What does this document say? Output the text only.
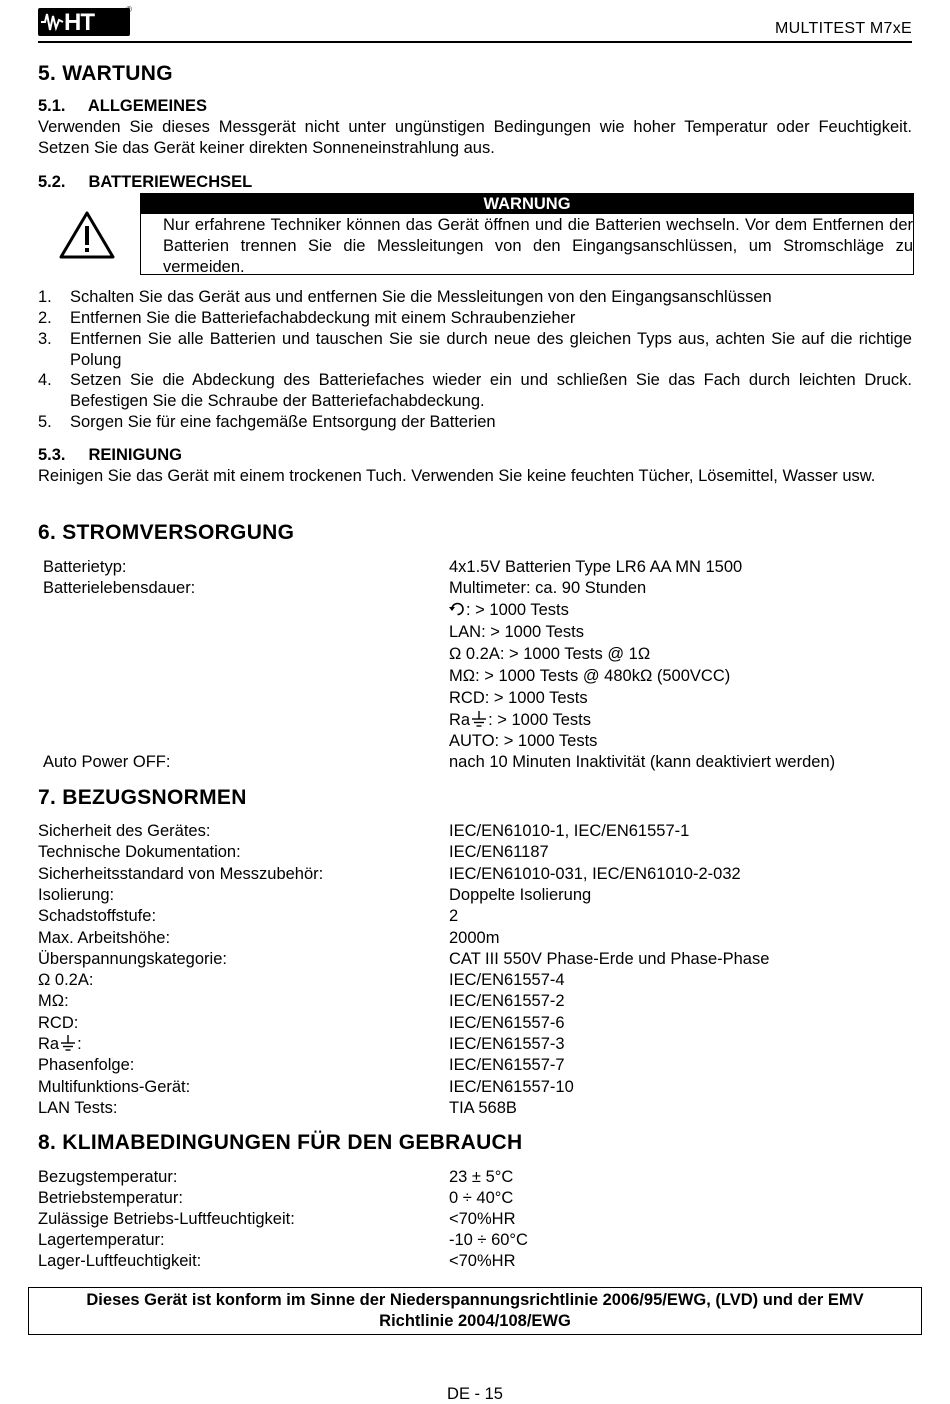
HT	®
MULTITEST M7xE
5. WARTUNG
5.1.     ALLGEMEINES
Verwenden Sie dieses Messgerät nicht unter ungünstigen Bedingungen wie hoher Temperatur oder Feuchtigkeit. Setzen Sie das Gerät keiner direkten Sonneneinstrahlung aus.
5.2.     BATTERIEWECHSEL
WARNUNG
Nur erfahrene Techniker können das Gerät öffnen und die Batterien wechseln. Vor dem Entfernen der Batterien trennen Sie die Messleitungen von den Eingangsanschlüssen, um Stromschläge zu vermeiden.
1. Schalten Sie das Gerät aus und entfernen Sie die Messleitungen von den Eingangsanschlüssen
2. Entfernen Sie die Batteriefachabdeckung mit einem Schraubenzieher
3. Entfernen Sie alle Batterien und tauschen Sie sie durch neue des gleichen Typs aus, achten Sie auf die richtige Polung
4. Setzen Sie die Abdeckung des Batteriefaches wieder ein und schließen Sie das Fach durch leichten Druck. Befestigen Sie die Schraube der Batteriefachabdeckung.
5. Sorgen Sie für eine fachgemäße Entsorgung der Batterien
5.3.     REINIGUNG
Reinigen Sie das Gerät mit einem trockenen Tuch. Verwenden Sie keine feuchten Tücher, Lösemittel, Wasser usw.
6. STROMVERSORGUNG
Batterietyp:	4x1.5V Batterien Type LR6 AA MN 1500
Batterielebensdauer:	Multimeter: ca. 90 Stunden
: > 1000 Tests
LAN: > 1000 Tests
Ω 0.2A: > 1000 Tests @ 1Ω
MΩ: > 1000 Tests @ 480kΩ (500VCC)
RCD: > 1000 Tests
Ra : > 1000 Tests
AUTO: > 1000 Tests
Auto Power OFF:	nach 10 Minuten Inaktivität (kann deaktiviert werden)
7. BEZUGSNORMEN
Sicherheit des Gerätes:	IEC/EN61010-1, IEC/EN61557-1
Technische Dokumentation:	IEC/EN61187
Sicherheitsstandard von Messzubehör:	IEC/EN61010-031, IEC/EN61010-2-032
Isolierung:	Doppelte Isolierung
Schadstoffstufe:	2
Max. Arbeitshöhe:	2000m
Überspannungskategorie:	CAT III 550V Phase-Erde und Phase-Phase
Ω 0.2A:	IEC/EN61557-4
MΩ:	IEC/EN61557-2
RCD:	IEC/EN61557-6
Ra :	IEC/EN61557-3
Phasenfolge:	IEC/EN61557-7
Multifunktions-Gerät:	IEC/EN61557-10
LAN Tests:	TIA 568B
8. KLIMABEDINGUNGEN FÜR DEN GEBRAUCH
Bezugstemperatur:	23 ± 5°C
Betriebstemperatur:	0 ÷ 40°C
Zulässige Betriebs-Luftfeuchtigkeit:	<70%HR
Lagertemperatur:	-10 ÷ 60°C
Lager-Luftfeuchtigkeit:	<70%HR
Dieses Gerät ist konform im Sinne der Niederspannungsrichtlinie 2006/95/EWG, (LVD) und der EMV
Richtlinie 2004/108/EWG
DE - 15
